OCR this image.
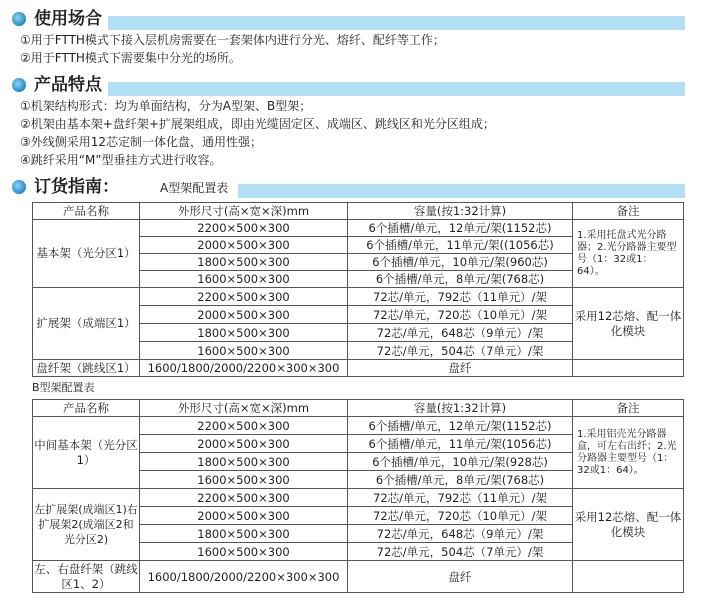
使用场合
①用于FTTH模式下接入层机房需要在一套架体内进行分光、熔纤、配纤等工作；
②用于FTTH模式下需要集中分光的场所。
产品特点
①机架结构形式：均为单面结构，分为A型架、B型架；
②机架由基本架+盘纤架+扩展架组成，即由光缆固定区、成端区、跳线区和光分区组成；
③外线侧采用12芯定制一体化盘，通用性强；
④跳纤采用“M”型垂挂方式进行收容。
订货指南：	A型架配置表
产品名称	外形尺寸(高×宽×深)mm	容量(按1:32计算)	备注
基本架（光分区1）	2200×500×300	6个插槽/单元，12单元/架(1152芯)	1.采用托盘式光分路器；2.光分路器主要型号（1：32或1：64）。
	2000×500×300	6个插槽/单元，11单元/架((1056芯)	
	1800×500×300	6个插槽/单元，10单元/架(960芯)	
	1600×500×300	6个插槽/单元，8单元/架(768芯)	
扩展架（成端区1）	2200×500×300	72芯/单元，792芯（11单元）/架	采用12芯熔、配一体化模块
	2000×500×300	72芯/单元，720芯（10单元）/架	
	1800×500×300	72芯/单元，648芯（9单元）/架	
	1600×500×300	72芯/单元，504芯（7单元）/架	
盘纤架（跳线区1）	1600/1800/2000/2200×300×300	盘纤	
B型架配置表
产品名称	外形尺寸(高×宽×深)mm	容量(按1:32计算)	备注
中间基本架（光分区1）	2200×500×300	6个插槽/单元，12单元/架(1152芯)	1.采用铝壳光分路器盒，可左右出纤；2.光分路器主要型号（1：32或1：64）。
	2000×500×300	6个插槽/单元，11单元/架(1056芯)	
	1800×500×300	6个插槽/单元，10单元/架(928芯)	
	1600×500×300	6个插槽/单元，8单元/架(768芯)	
左扩展架(成端区1)右扩展架2(成端区2和光分区2)	2200×500×300	72芯/单元，792芯（11单元）/架	采用12芯熔、配一体化模块
	2000×500×300	72芯/单元，720芯（10单元）/架	
	1800×500×300	72芯/单元，648芯（9单元）/架	
	1600×500×300	72芯/单元，504芯（7单元）/架	
左、右盘纤架（跳线区1、2）	1600/1800/2000/2200×300×300	盘纤	
